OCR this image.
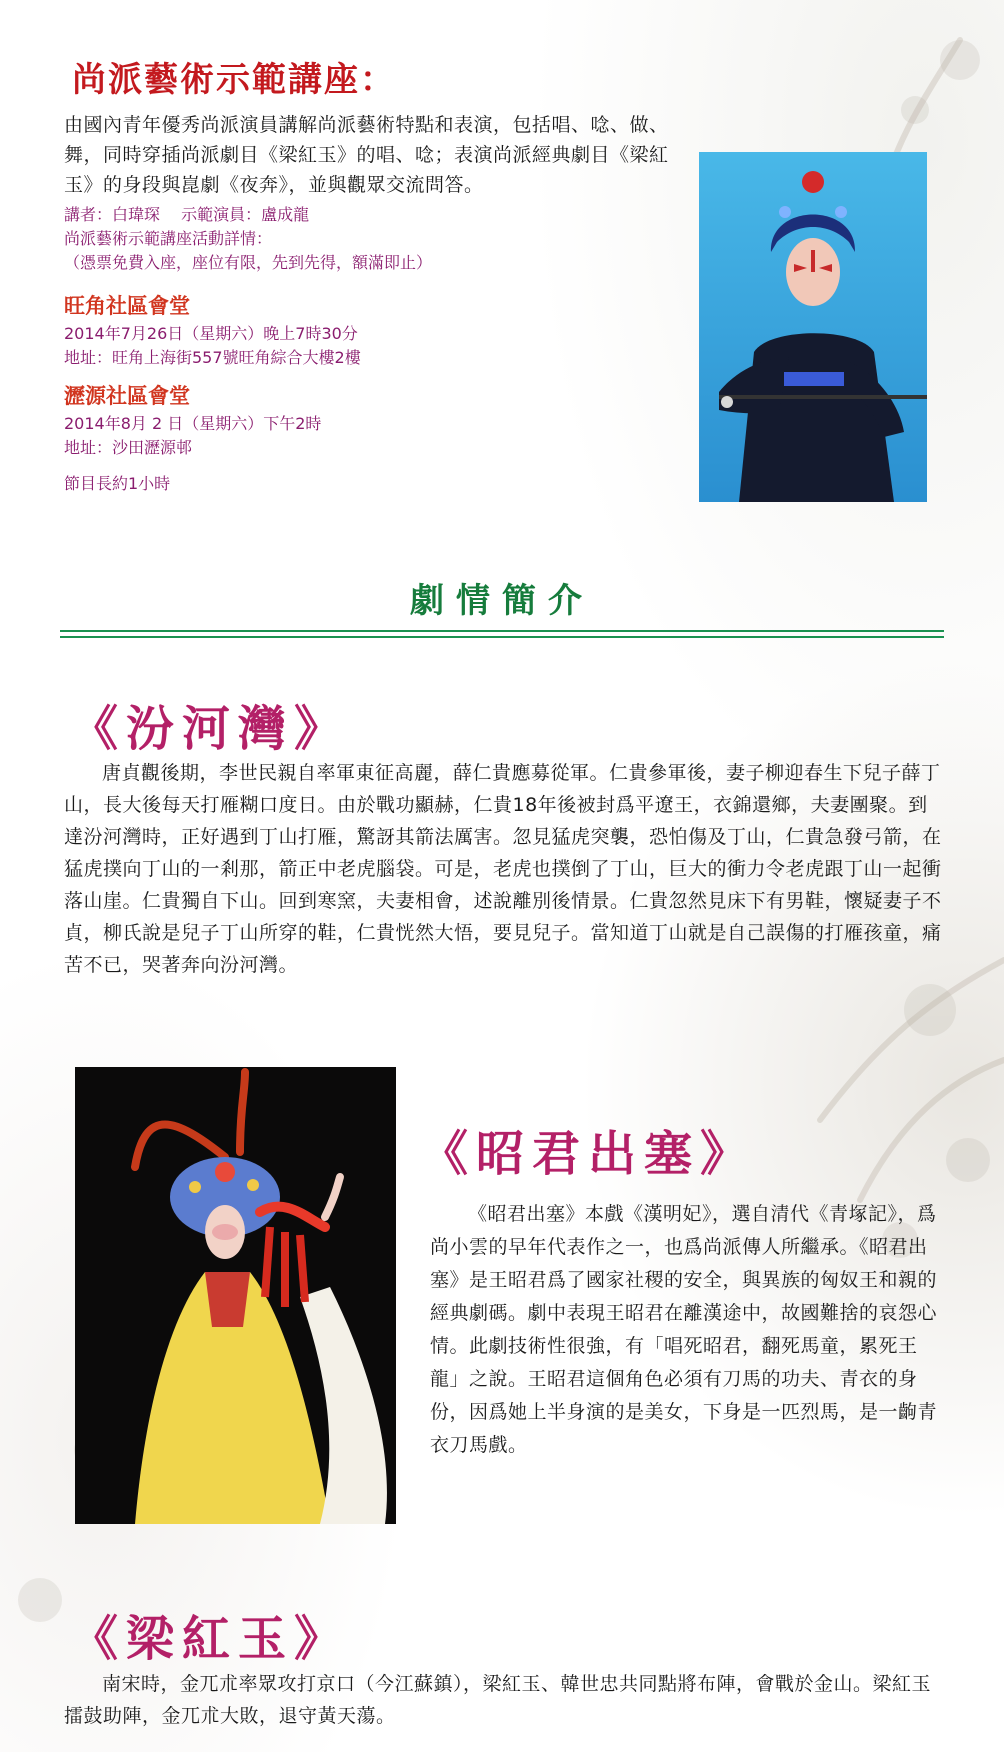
尚派藝術示範講座：

由國內青年優秀尚派演員講解尚派藝術特點和表演，包括唱、唸、做、舞，同時穿插尚派劇目《梁紅玉》的唱、唸；表演尚派經典劇目《梁紅玉》的身段與崑劇《夜奔》，並與觀眾交流問答。

講者：白瑋琛　 示範演員：盧成龍

尚派藝術示範講座活動詳情：

（憑票免費入座，座位有限，先到先得，額滿即止）

旺角社區會堂

2014年7月26日（星期六）晚上7時30分

地址：旺角上海街557號旺角綜合大樓2樓

瀝源社區會堂

2014年8月 2 日（星期六）下午2時

地址：沙田瀝源邨

節目長約1小時

劇情簡介
《汾河灣》

唐貞觀後期，李世民親自率軍東征高麗，薛仁貴應募從軍。仁貴參軍後，妻子柳迎春生下兒子薛丁山，長大後每天打雁糊口度日。由於戰功顯赫，仁貴18年後被封爲平遼王，衣錦還鄉，夫妻團聚。到達汾河灣時，正好遇到丁山打雁，驚訝其箭法厲害。忽見猛虎突襲，恐怕傷及丁山，仁貴急發弓箭，在猛虎撲向丁山的一剎那，箭正中老虎腦袋。可是，老虎也撲倒了丁山，巨大的衝力令老虎跟丁山一起衝落山崖。仁貴獨自下山。回到寒窯，夫妻相會，述說離別後情景。仁貴忽然見床下有男鞋，懷疑妻子不貞，柳氏說是兒子丁山所穿的鞋，仁貴恍然大悟，要見兒子。當知道丁山就是自己誤傷的打雁孩童，痛苦不已，哭著奔向汾河灣。

《昭君出塞》

《昭君出塞》本戲《漢明妃》，選自清代《青塚記》，爲尚小雲的早年代表作之一，也爲尚派傳人所繼承。《昭君出塞》是王昭君爲了國家社稷的安全，與異族的匈奴王和親的經典劇碼。劇中表現王昭君在離漢途中，故國難捨的哀怨心情。此劇技術性很強，有「唱死昭君，翻死馬童，累死王龍」之說。王昭君這個角色必須有刀馬的功夫、青衣的身份，因爲她上半身演的是美女，下身是一匹烈馬，是一齣青衣刀馬戲。

《梁紅玉》

南宋時，金兀朮率眾攻打京口（今江蘇鎮），梁紅玉、韓世忠共同點將布陣，會戰於金山。梁紅玉擂鼓助陣，金兀朮大敗，退守黃天蕩。
